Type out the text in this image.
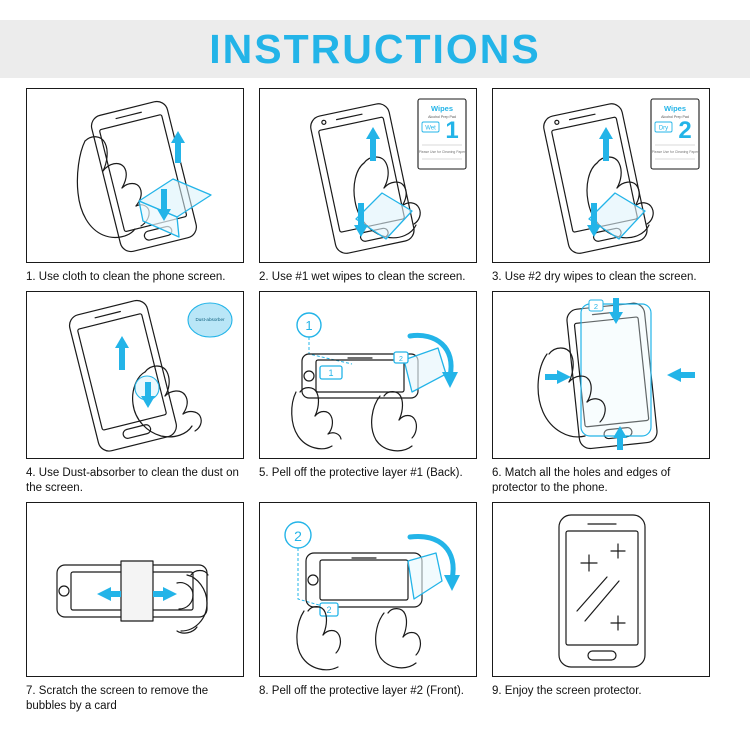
INSTRUCTIONS
1. Use cloth to clean the phone screen.
Wipes
Alcohol Prep Pad
Wet 1
Please Use for Cleaning Paper
2. Use #1 wet wipes to clean the screen.
Wipes
Alcohol Prep Pad
Dry 2
Please Use for Cleaning Paper
3. Use #2 dry wipes to clean the screen.
Dust-absorber
4. Use Dust-absorber to clean the dust on the screen.
1
1
2
5. Pell off the protective layer #1 (Back).
2
6. Match all the holes and edges of protector to the phone.
7. Scratch the screen to remove the bubbles by a card
2
2
8. Pell off the protective layer #2 (Front).	9. Enjoy the screen protector.
